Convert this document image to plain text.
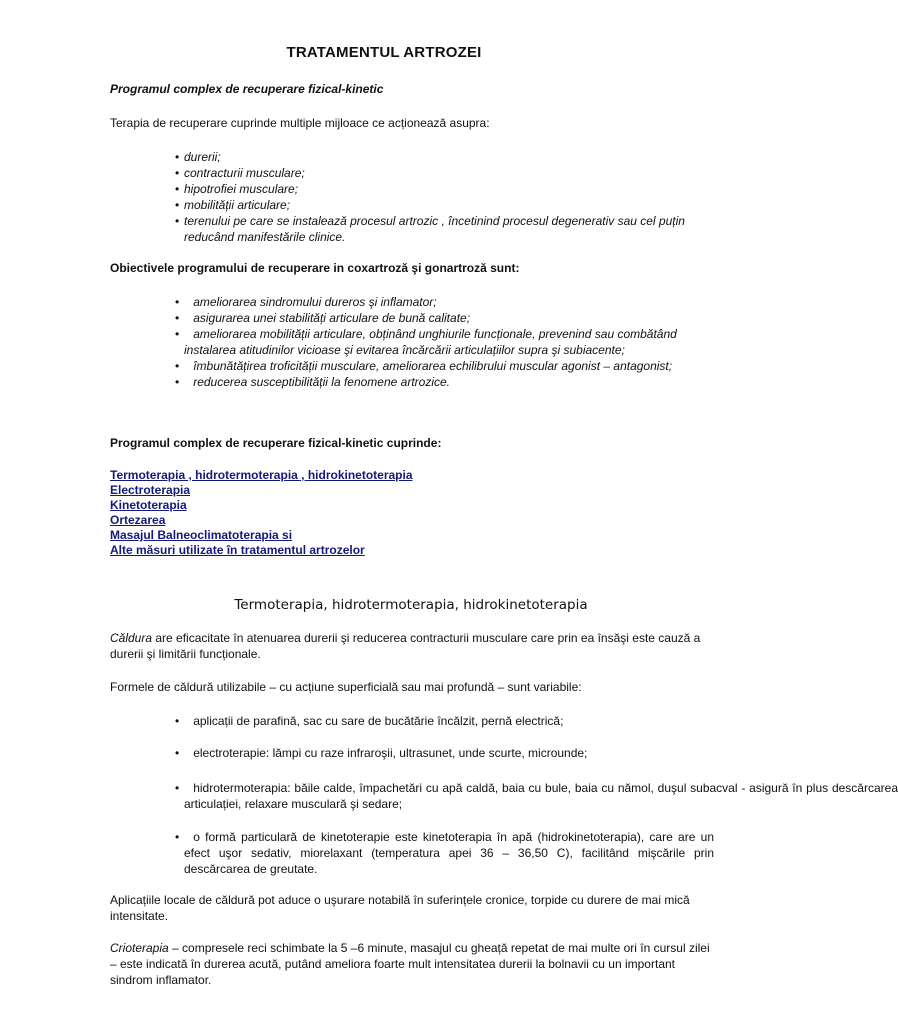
TRATAMENTUL ARTROZEI
Programul complex de recuperare fizical-kinetic
Terapia de recuperare cuprinde multiple mijloace ce acționează asupra:
• durerii;
• contracturii musculare;
• hipotrofiei musculare;
• mobilității articulare;
• terenului pe care se instalează procesul artrozic , încetinind procesul degenerativ sau cel puțin reducând manifestările clinice.
Obiectivele programului de recuperare in coxartroză şi gonartroză sunt:
• ameliorarea sindromului dureros şi inflamator;
• asigurarea unei stabilități articulare de bună calitate;
• ameliorarea mobilității articulare, obținând unghiurile funcționale, prevenind sau combătând instalarea atitudinilor vicioase şi evitarea încărcării articulațiilor supra şi subiacente;
• îmbunătățirea troficității musculare, ameliorarea echilibrului muscular agonist – antagonist;
• reducerea susceptibilității la fenomene artrozice.
Programul complex de recuperare fizical-kinetic cuprinde:
Termoterapia , hidrotermoterapia , hidrokinetoterapia
Electroterapia
Kinetoterapia
Ortezarea
Masajul Balneoclimatoterapia si
Alte măsuri utilizate în tratamentul artrozelor
Termoterapia, hidrotermoterapia, hidrokinetoterapia
Căldura are eficacitate în atenuarea durerii şi reducerea contracturii musculare care prin ea însăşi este cauză a durerii şi limitării funcționale.
Formele de căldură utilizabile – cu acțiune superficială sau mai profundă – sunt variabile:
• aplicații de parafină, sac cu sare de bucătărie încălzit, pernă electrică;
• electroterapie: lămpi cu raze infraroşii, ultrasunet, unde scurte, microunde;
• hidrotermoterapia: băile calde, împachetări cu apă caldă, baia cu bule, baia cu nămol, duşul subacval - asigură în plus descărcarea articulației, relaxare musculară şi sedare;
• o formă particulară de kinetoterapie este kinetoterapia în apă (hidrokinetoterapia), care are un efect uşor sedativ, miorelaxant (temperatura apei 36 – 36,50 C), facilitând mişcările prin descărcarea de greutate.
Aplicațiile locale de căldură pot aduce o uşurare notabilă în suferințele cronice, torpide cu durere de mai mică intensitate.
Crioterapia – compresele reci schimbate la 5 –6 minute, masajul cu gheață repetat de mai multe ori în cursul zilei – este indicată în durerea acută, putând ameliora foarte mult intensitatea durerii la bolnavii cu un important sindrom inflamator.
